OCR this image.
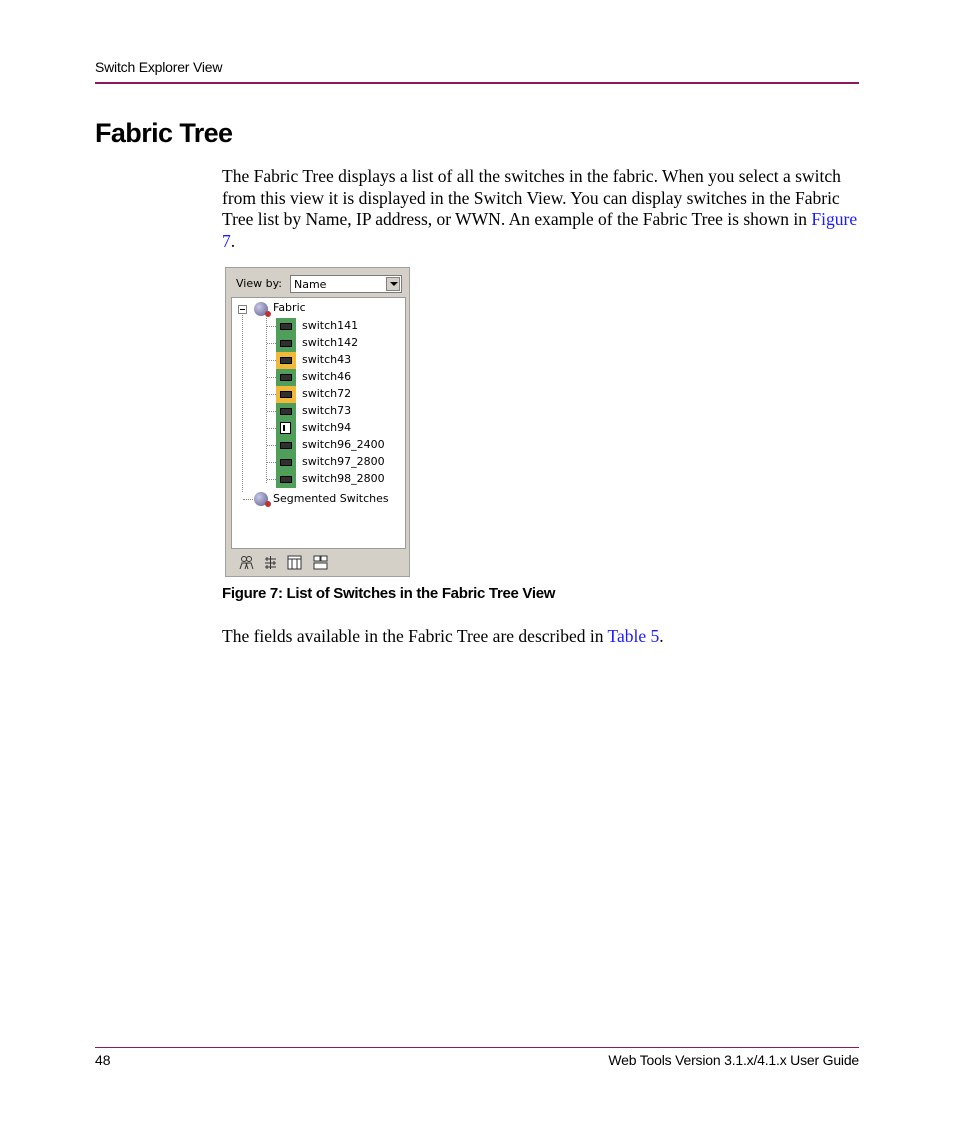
Switch Explorer View
Fabric Tree

The Fabric Tree displays a list of all the switches in the fabric. When you select a switch from this view it is displayed in the Switch View. You can display switches in the Fabric Tree list by Name, IP address, or WWN. An example of the Fabric Tree is shown in Figure 7.

View by: Name
Fabric
switch141
switch142
switch43
switch46
switch72
switch73
switch94
switch96_2400
switch97_2800
switch98_2800
Segmented Switches
Figure 7: List of Switches in the Fabric Tree View

The fields available in the Fabric Tree are described in Table 5.

48	Web Tools Version 3.1.x/4.1.x User Guide
